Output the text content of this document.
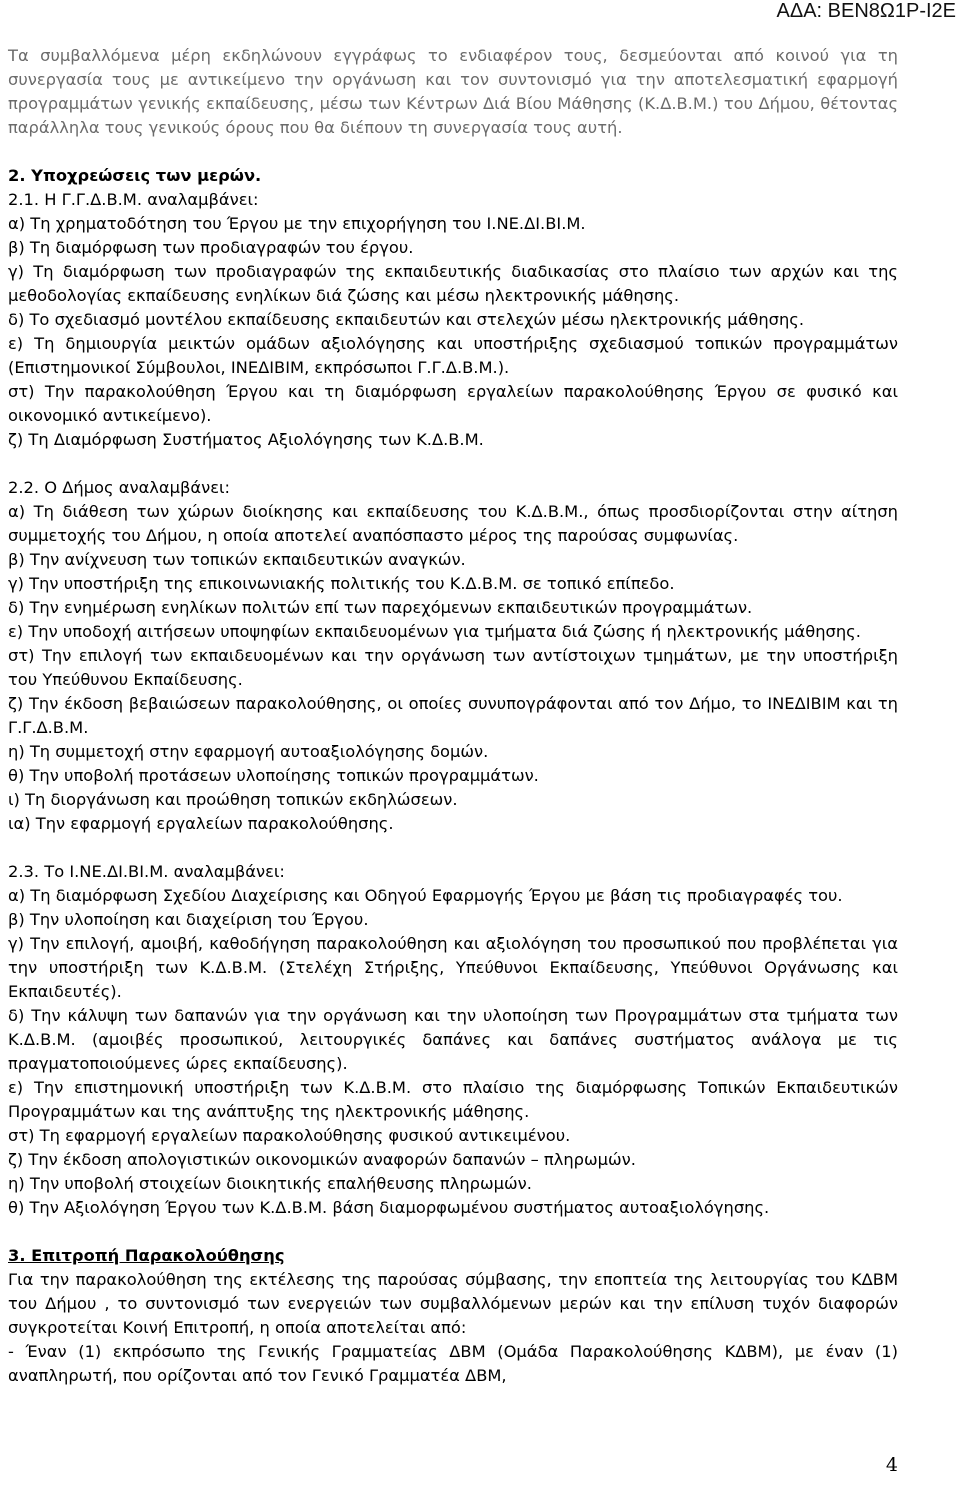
ΑΔΑ: ΒΕΝ8Ω1Ρ-Ι2Ε

Τα συμβαλλόμενα μέρη εκδηλώνουν εγγράφως το ενδιαφέρον τους, δεσμεύονται από κοινού για τη συνεργασία τους με αντικείμενο την οργάνωση και τον συντονισμό για την αποτελεσματική εφαρμογή προγραμμάτων γενικής εκπαίδευσης, μέσω των Κέντρων Διά Βίου Μάθησης (Κ.Δ.Β.Μ.) του Δήμου, θέτοντας παράλληλα τους γενικούς όρους που θα διέπουν τη συνεργασία τους αυτή.

2. Υποχρεώσεις των μερών.

2.1. Η Γ.Γ.Δ.Β.Μ. αναλαμβάνει:

α) Τη χρηματοδότηση του Έργου με την επιχορήγηση του Ι.ΝΕ.ΔΙ.ΒΙ.Μ.

β) Τη διαμόρφωση των προδιαγραφών του έργου.

γ) Τη διαμόρφωση των προδιαγραφών της εκπαιδευτικής διαδικασίας στο πλαίσιο των αρχών και της μεθοδολογίας εκπαίδευσης ενηλίκων διά ζώσης και μέσω ηλεκτρονικής μάθησης.

δ) Το σχεδιασμό μοντέλου εκπαίδευσης εκπαιδευτών και στελεχών μέσω ηλεκτρονικής μάθησης.

ε) Τη δημιουργία μεικτών ομάδων αξιολόγησης και υποστήριξης σχεδιασμού τοπικών προγραμμάτων (Επιστημονικοί Σύμβουλοι, ΙΝΕΔΙΒΙΜ, εκπρόσωποι Γ.Γ.Δ.Β.Μ.).

στ) Την παρακολούθηση Έργου και τη διαμόρφωση εργαλείων παρακολούθησης Έργου σε φυσικό και οικονομικό αντικείμενο).

ζ) Τη Διαμόρφωση Συστήματος Αξιολόγησης των Κ.Δ.Β.Μ.

2.2. Ο Δήμος αναλαμβάνει:

α) Τη διάθεση των χώρων διοίκησης και εκπαίδευσης του Κ.Δ.Β.Μ., όπως προσδιορίζονται στην αίτηση συμμετοχής του Δήμου, η οποία αποτελεί αναπόσπαστο μέρος της παρούσας συμφωνίας.

β) Την ανίχνευση των τοπικών εκπαιδευτικών αναγκών.

γ) Την υποστήριξη της επικοινωνιακής πολιτικής του Κ.Δ.Β.Μ. σε τοπικό επίπεδο.

δ) Την ενημέρωση ενηλίκων πολιτών επί των παρεχόμενων εκπαιδευτικών προγραμμάτων.

ε) Την υποδοχή αιτήσεων υποψηφίων εκπαιδευομένων για τμήματα διά ζώσης ή ηλεκτρονικής μάθησης.

στ) Την επιλογή των εκπαιδευομένων και την οργάνωση των αντίστοιχων τμημάτων, με την υποστήριξη του Υπεύθυνου Εκπαίδευσης.

ζ) Την έκδοση βεβαιώσεων παρακολούθησης, οι οποίες συνυπογράφονται από τον Δήμο, το ΙΝΕΔΙΒΙΜ και τη Γ.Γ.Δ.Β.Μ.

η) Τη συμμετοχή στην εφαρμογή αυτοαξιολόγησης δομών.

θ) Την υποβολή προτάσεων υλοποίησης τοπικών προγραμμάτων.

ι) Τη διοργάνωση και προώθηση τοπικών εκδηλώσεων.

ια) Την εφαρμογή εργαλείων παρακολούθησης.

2.3. Το Ι.ΝΕ.ΔΙ.ΒΙ.Μ. αναλαμβάνει:

α) Τη διαμόρφωση Σχεδίου Διαχείρισης και Οδηγού Εφαρμογής Έργου με βάση τις προδιαγραφές του.

β) Την υλοποίηση και διαχείριση του Έργου.

γ) Την επιλογή, αμοιβή, καθοδήγηση παρακολούθηση και αξιολόγηση του προσωπικού που προβλέπεται για την υποστήριξη των Κ.Δ.Β.Μ. (Στελέχη Στήριξης, Υπεύθυνοι Εκπαίδευσης, Υπεύθυνοι Οργάνωσης και Εκπαιδευτές).

δ) Την κάλυψη των δαπανών για την οργάνωση και την υλοποίηση των Προγραμμάτων στα τμήματα των Κ.Δ.Β.Μ. (αμοιβές προσωπικού, λειτουργικές δαπάνες και δαπάνες συστήματος ανάλογα με τις πραγματοποιούμενες ώρες εκπαίδευσης).

ε) Την επιστημονική υποστήριξη των Κ.Δ.Β.Μ. στο πλαίσιο της διαμόρφωσης Τοπικών Εκπαιδευτικών Προγραμμάτων και της ανάπτυξης της ηλεκτρονικής μάθησης.

στ) Τη εφαρμογή εργαλείων παρακολούθησης φυσικού αντικειμένου.

ζ) Την έκδοση απολογιστικών οικονομικών αναφορών δαπανών – πληρωμών.

η) Την υποβολή στοιχείων διοικητικής επαλήθευσης πληρωμών.

θ) Την Αξιολόγηση Έργου των Κ.Δ.Β.Μ. βάση διαμορφωμένου συστήματος αυτοαξιολόγησης.

3. Επιτροπή Παρακολούθησης

Για την παρακολούθηση της εκτέλεσης της παρούσας σύμβασης, την εποπτεία της λειτουργίας του ΚΔΒΜ του Δήμου , το συντονισμό των ενεργειών των συμβαλλόμενων μερών και την επίλυση τυχόν διαφορών συγκροτείται Κοινή Επιτροπή, η οποία αποτελείται από:

- Έναν (1) εκπρόσωπο της Γενικής Γραμματείας ΔΒΜ (Ομάδα Παρακολούθησης ΚΔΒΜ), με έναν (1) αναπληρωτή, που ορίζονται από τον Γενικό Γραμματέα ΔΒΜ,

4
